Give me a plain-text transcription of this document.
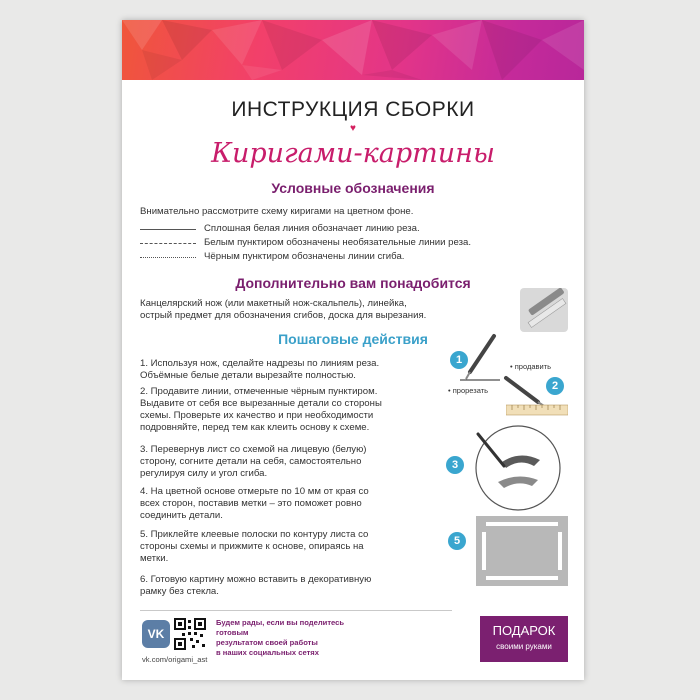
ИНСТРУКЦИЯ СБОРКИ
♥
Киригами-картины
Условные обозначения
Внимательно рассмотрите схему киригами на цветном фоне.
Сплошная белая линия обозначает линию реза.
Белым пунктиром обозначены необязательные линии реза.
Чёрным пунктиром обозначены линии сгиба.
Дополнительно вам понадобится
Канцелярский нож (или макетный нож-скальпель), линейка,
острый предмет для обозначения сгибов, доска для вырезания.
Пошаговые действия
1. Используя нож, сделайте надрезы по линиям реза.
Объёмные белые детали вырезайте полностью.
2. Продавите линии, отмеченные чёрным пунктиром.
Выдавите от себя все вырезанные детали со стороны
схемы. Проверьте их качество и при необходимости
подровняйте, перед тем как клеить основу к схеме.
3. Перевернув лист со схемой на лицевую (белую)
сторону, согните детали на себя, самостоятельно
регулируя силу и угол сгиба.
4. На цветной основе отмерьте по 10 мм от края со
всех сторон, поставив метки – это поможет ровно
соединить детали.
5. Приклейте клеевые полоски по контуру листа со
стороны схемы и прижмите к основе, опираясь на
метки.
6. Готовую картину можно вставить в декоративную
рамку без стекла.
1
• прорезать
• продавить
2
3
5
VK
Будем рады, если вы поделитесь готовым
результатом своей работы
в наших социальных сетях
vk.com/origami_ast
ПОДАРОК
своими руками
